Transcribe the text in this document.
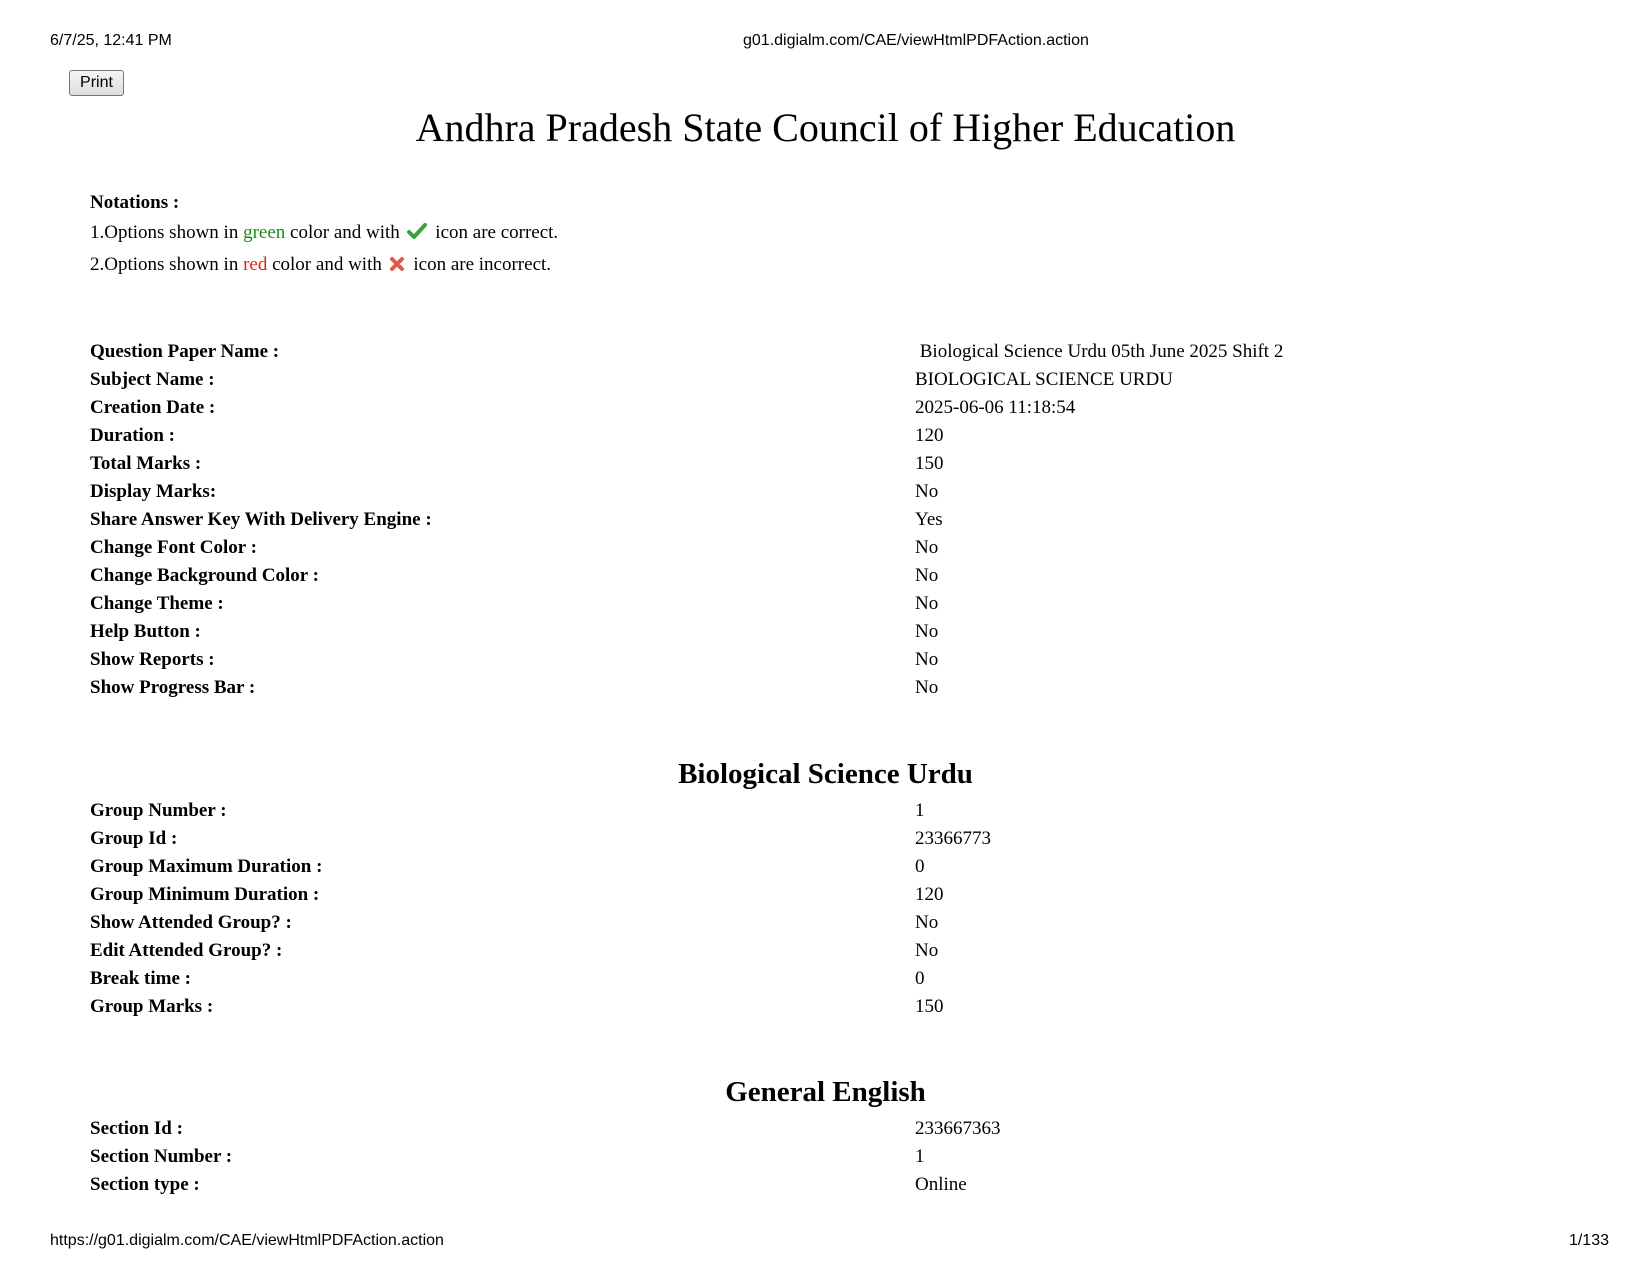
6/7/25, 12:41 PM	g01.digialm.com/CAE/viewHtmlPDFAction.action
Print
Andhra Pradesh State Council of Higher Education
Notations :
1.Options shown in green color and with  icon are correct.
2.Options shown in red color and with  icon are incorrect.
Question Paper Name :	Biological Science Urdu 05th June 2025 Shift 2
Subject Name :	BIOLOGICAL SCIENCE URDU
Creation Date :	2025-06-06 11:18:54
Duration :	120
Total Marks :	150
Display Marks:	No
Share Answer Key With Delivery Engine :	Yes
Change Font Color :	No
Change Background Color :	No
Change Theme :	No
Help Button :	No
Show Reports :	No
Show Progress Bar :	No
Biological Science Urdu
Group Number :	1
Group Id :	23366773
Group Maximum Duration :	0
Group Minimum Duration :	120
Show Attended Group? :	No
Edit Attended Group? :	No
Break time :	0
Group Marks :	150
General English
Section Id :	233667363
Section Number :	1
Section type :	Online
https://g01.digialm.com/CAE/viewHtmlPDFAction.action	1/133
